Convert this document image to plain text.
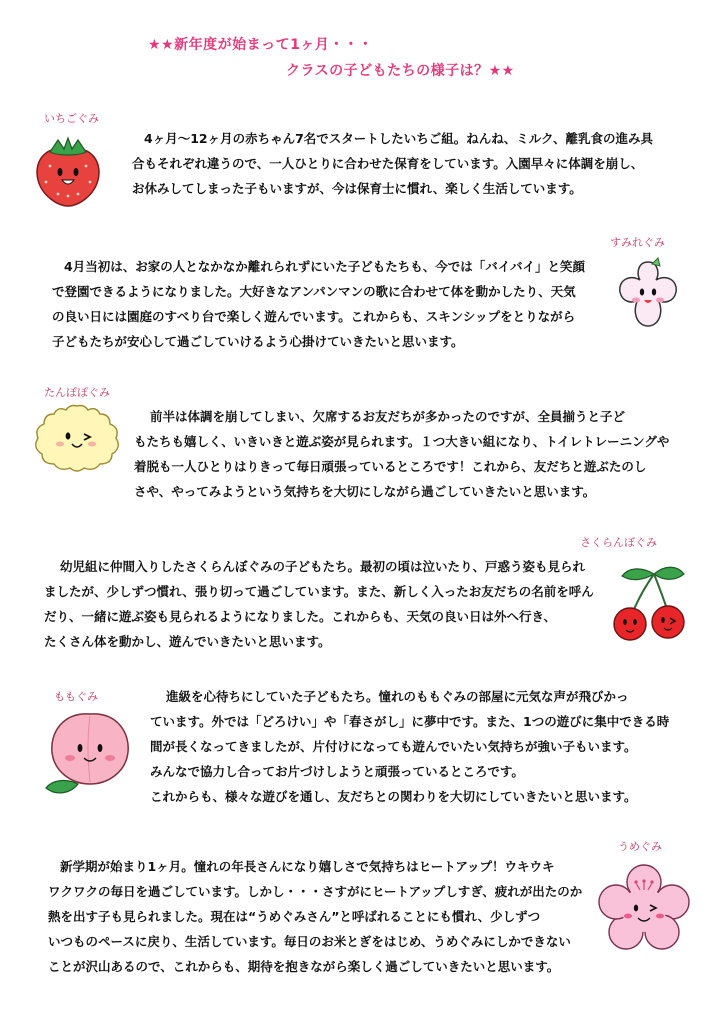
★★新年度が始まって1ヶ月・・・
クラスの子どもたちの様子は？★★
いちごぐみ
4ヶ月〜12ヶ月の赤ちゃん7名でスタートしたいちご組。ねんね、ミルク、離乳食の進み具
合もそれぞれ違うので、一人ひとりに合わせた保育をしています。入園早々に体調を崩し、
お休みしてしまった子もいますが、今は保育士に慣れ、楽しく生活しています。
すみれぐみ
4月当初は、お家の人となかなか離れられずにいた子どもたちも、今では「バイバイ」と笑顔
で登園できるようになりました。大好きなアンパンマンの歌に合わせて体を動かしたり、天気
の良い日には園庭のすべり台で楽しく遊んでいます。これからも、スキンシップをとりながら
子どもたちが安心して過ごしていけるよう心掛けていきたいと思います。
たんぽぽぐみ
前半は体調を崩してしまい、欠席するお友だちが多かったのですが、全員揃うと子ど
もたちも嬉しく、いきいきと遊ぶ姿が見られます。１つ大きい組になり、トイレトレーニングや
着脱も一人ひとりはりきって毎日頑張っているところです！これから、友だちと遊ぶたのし
さや、やってみようという気持ちを大切にしながら過ごしていきたいと思います。
さくらんぼぐみ
幼児組に仲間入りしたさくらんぼぐみの子どもたち。最初の頃は泣いたり、戸惑う姿も見られ
ましたが、少しずつ慣れ、張り切って過ごしています。また、新しく入ったお友だちの名前を呼ん
だり、一緒に遊ぶ姿も見られるようになりました。これからも、天気の良い日は外へ行き、
たくさん体を動かし、遊んでいきたいと思います。
ももぐみ	進級を心待ちにしていた子どもたち。憧れのももぐみの部屋に元気な声が飛びかっ
ています。外では「どろけい」や「春さがし」に夢中です。また、1つの遊びに集中できる時
間が長くなってきましたが、片付けになっても遊んでいたい気持ちが強い子もいます。
みんなで協力し合ってお片づけしようと頑張っているところです。
これからも、様々な遊びを通し、友だちとの関わりを大切にしていきたいと思います。
うめぐみ
新学期が始まり1ヶ月。憧れの年長さんになり嬉しさで気持ちはヒートアップ！ウキウキ
ワクワクの毎日を過ごしています。しかし・・・さすがにヒートアップしすぎ、疲れが出たのか
熱を出す子も見られました。現在は“うめぐみさん”と呼ばれることにも慣れ、少しずつ
いつものペースに戻り、生活しています。毎日のお米とぎをはじめ、うめぐみにしかできない
ことが沢山あるので、これからも、期待を抱きながら楽しく過ごしていきたいと思います。
